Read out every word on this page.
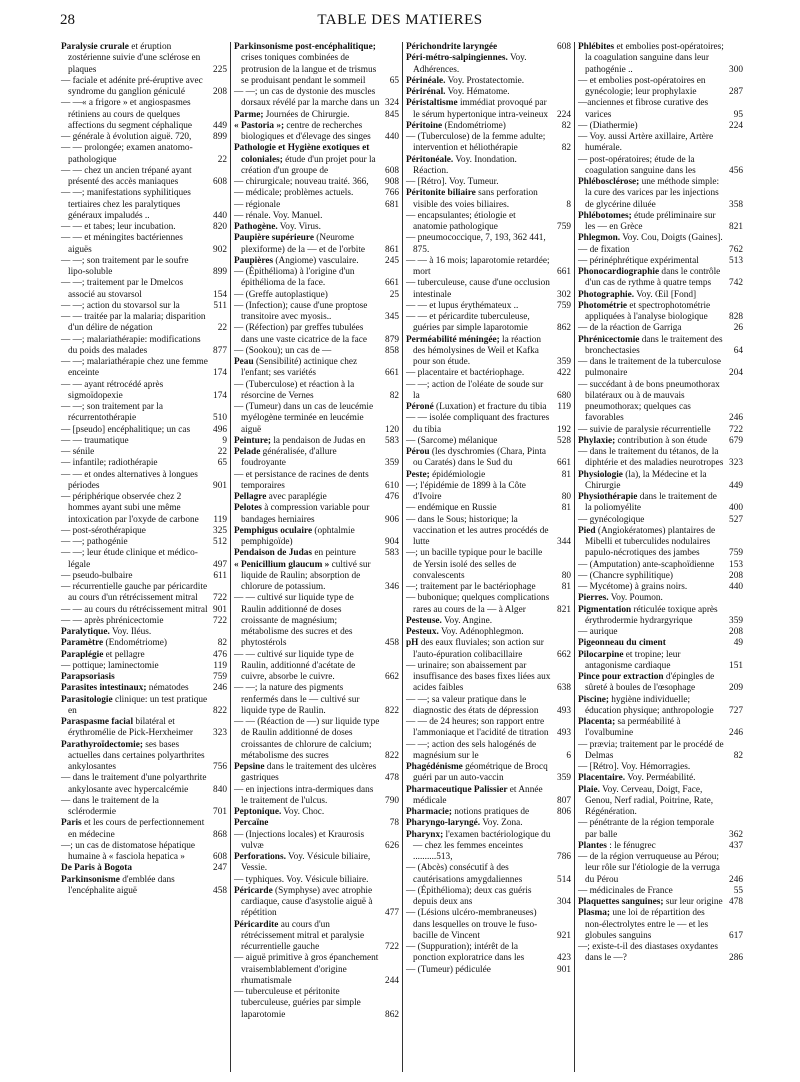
28	TABLE DES MATIERES
Paralysie crurale et éruption zostérienne suivie d'une sclérose en plaques	225
— faciale et adénite pré-éruptive avec syndrome du ganglion géniculé	208
— —« a frigore » et angiospasmes rétiniens au cours de quelques affections du segment céphalique 449
— générale à évolution aiguë. 720, 899
— — prolongée; examen anatomo-pathologique	22
— — chez un ancien trépané ayant présenté des accès maniaques	608
— —; manifestations syphilitiques tertiaires chez les paralytiques généraux impaludés ..	440
— — et tabes; leur incubation.	820
— — et méningites bactériennes aiguës	902
— —; son traitement par le soufre lipo-soluble	899
— —; traitement par le Dmelcos associé au stovarsol	154
— —; action du stovarsol sur la	511
— — traitée par la malaria; disparition d'un délire de négation	22
— —; malariathérapie: modifications du poids des malades	877
— —; malariathérapie chez une femme enceinte	174
— — ayant rétrocédé après sigmoïdopexie	174
— —; son traitement par la récurrentothérapie	510
— [pseudo] encéphalitique; un cas 496
— — traumatique	9
— sénile	22
— infantile; radiothérapie	65
— — et ondes alternatives à longues périodes	901
— périphérique observée chez 2 hommes ayant subi une même intoxication par l'oxyde de carbone 119
— post-sérothérapique	325
— —; pathogénie	512
— —; leur étude clinique et médico-légale	497
— pseudo-bulbaire	611
— récurrentielle gauche par péricardite au cours d'un rétrécissement mitral 722
— — au cours du rétrécissement mitral 901
— — après phrénicectomie	722
Paralytique. Voy. Iléus.
Paramètre (Endométriome)	82
Paraplégie et pellagre	476
— pottique; laminectomie	119
Parapsoriasis	759
Parasites intestinaux; nématodes	246
Parasitologie clinique: un test pratique en	822
Paraspasme facial bilatéral et érythromélie de Pick-Herxheimer 323
Parathyroïdectomie; ses bases actuelles dans certaines polyarthrites ankylosantes	756
— dans le traitement d'une polyarthrite ankylosante avec hypercalcémie	840
— dans le traitement de la sclérodermie	701
Paris et les cours de perfectionnement en médecine	868
—; un cas de distomatose hépatique humaine à « fasciola hepatica »	608
De Paris à Bogota	247
Parkinsonisme d'emblée dans l'encéphalite aiguë	458
Parkinsonisme post-encéphalitique; crises toniques combinées de protrusion de la langue et de trismus se produisant pendant le sommeil	65
— —; un cas de dystonie des muscles dorsaux révélé par la marche dans un 324
Parme; Journées de Chirurgie.	845
« Pastoria »; centre de recherches biologiques et d'élevage des singes 440
Pathologie et Hygiène exotiques et coloniales; étude d'un projet pour la création d'un groupe de	608
— chirurgicale; nouveau traité. 366, 908
— médicale; problèmes actuels.	766
— régionale	681
— rénale. Voy. Manuel.
Pathogène. Voy. Virus.
Paupière supérieure (Neurome plexiforme) de la — et de l'orbite 861
Paupières (Angiome) vasculaire.	245
— (Épithélioma) à l'origine d'un épithélioma de la face.	661
— (Greffe autoplastique)	25
— (Infection); cause d'une proptose transitoire avec myosis..	345
— (Réfection) par greffes tubulées dans une vaste cicatrice de la face 879
— (Sookou); un cas de —	858
Peau (Sensibilité) actinique chez l'enfant; ses variétés	661
— (Tuberculose) et réaction à la résorcine de Vernes	82
— (Tumeur) dans un cas de leucémie myélogène terminée en leucémie aiguë	120
Peinture; la pendaison de Judas en 583
Pelade généralisée, d'allure foudroyante	359
— et persistance de racines de dents temporaires	610
Pellagre avec paraplégie	476
Pelotes à compression variable pour bandages herniaires	906
Pemphigus oculaire (ophtalmie pemphigoïde)	904
Pendaison de Judas en peinture	583
« Penicillium glaucum » cultivé sur liquide de Raulin; absorption de chlorure de potassium.	346
— — cultivé sur liquide type de Raulin additionné de doses croissante de magnésium; métabolisme des sucres et des phytostérols	458
— — cultivé sur liquide type de Raulin, additionné d'acétate de cuivre, absorbe le cuivre.	662
— —; la nature des pigments renfermés dans le — cultivé sur liquide type de Raulin.	822
— — (Réaction de —) sur liquide type de Raulin additionné de doses croissantes de chlorure de calcium; métabolisme des sucres	822
Pepsine dans le traitement des ulcères gastriques	478
— en injections intra-dermiques dans le traitement de l'ulcus.	790
Peptonique. Voy. Choc.
Percaïne	78
— (Injections locales) et Kraurosis vulvæ	626
Perforations. Voy. Vésicule biliaire, Vessie.
— typhiques. Voy. Vésicule biliaire.
Péricarde (Symphyse) avec atrophie cardiaque, cause d'asystolie aiguë à répétition	477
Péricardite au cours d'un rétrécissement mitral et paralysie récurrentielle gauche	722
— aiguë primitive à gros épanchement vraisemblablement d'origine rhumatismale	244
— tuberculeuse et péritonite tuberculeuse, guéries par simple laparotomie	862
Périchondrite laryngée	608
Péri-métro-salpingiennes. Voy. Adhérences.
Périnéale. Voy. Prostatectomie.
Périrénal. Voy. Hématome.
Péristaltisme immédiat provoqué par le sérum hypertonique intra-veineux 224
Péritoine (Endométriome)	82
— (Tuberculose) de la femme adulte; intervention et héliothérapie	82
Péritonéale. Voy. Inondation. Réaction.
— [Rétro]. Voy. Tumeur.
Péritonite biliaire sans perforation visible des voies biliaires.	8
— encapsulantes; étiologie et anatomie pathologique	759
— pneumococcique, 7, 193, 362 441, 875.
— — à 16 mois; laparotomie retardée; mort	661
— tuberculeuse, cause d'une occlusion intestinale	302
— — et lupus érythémateux ..	759
— — et péricardite tuberculeuse, guéries par simple laparotomie	862
Perméabilité méningée; la réaction des hémolysines de Weil et Kafka pour son étude.	359
— placentaire et bactériophage.	422
— —; action de l'oléate de soude sur la	680
Péroné (Luxation) et fracture du tibia 119
— — isolée compliquant des fractures du tibia	192
— (Sarcome) mélanique	528
Pérou (les dyschromies (Chara, Pinta ou Caratés) dans le Sud du	661
Peste; épidémiologie	81
—; l'épidémie de 1899 à la Côte d'Ivoire	80
— endémique en Russie	81
— dans le Sous; historique; la vaccination et les autres procédés de lutte	344
—; un bacille typique pour le bacille de Yersin isolé des selles de convalescents	80
—; traitement par le bactériophage	81
— bubonique; quelques complications rares au cours de la — à Alger	821
Pesteuse. Voy. Angine.
Pesteux. Voy. Adénophlegmon.
pH des eaux fluviales; son action sur l'auto-épuration colibacillaire	662
— urinaire; son abaissement par insuffisance des bases fixes liées aux acides faibles	638
— —; sa valeur pratique dans le diagnostic des états de dépression 493
— — de 24 heures; son rapport entre l'ammoniaque et l'acidité de titration 493
— —; action des sels halogénés de magnésium sur le	6
Phagédénisme géométrique de Brocq guéri par un auto-vaccin	359
Pharmaceutique Palissier et Année médicale	807
Pharmacie; notions pratiques de	806
Pharyngo-laryngé. Voy. Zona.
Pharynx; l'examen bactériologique du — chez les femmes enceintes ..........513,	786
— (Abcès) consécutif à des cautérisations amygdaliennes	514
— (Épithélioma); deux cas guéris depuis deux ans	304
— (Lésions ulcéro-membraneuses) dans lesquelles on trouve le fuso-bacille de Vincent	921
— (Suppuration); intérêt de la ponction exploratrice dans les	423
— (Tumeur) pédiculée	901
Phlébites et embolies post-opératoires; la coagulation sanguine dans leur pathogénie ..	300
— et embolies post-opératoires en gynécologie; leur prophylaxie	287
—anciennes et fibrose curative des varices	95
— (Diathermie)	224
— Voy. aussi Artère axillaire, Artère humérale.
— post-opératoires; étude de la coagulation sanguine dans les	456
Phlébosclérose; une méthode simple: la cure des varices par les injections de glycérine diluée	358
Phlébotomes; étude préliminaire sur les — en Grèce	821
Phlegmon. Voy. Cou, Doigts (Gaines].
— de fixation	762
— périnéphrétique expérimental	513
Phonocardiographie dans le contrôle d'un cas de rythme à quatre temps 742
Photographie. Voy. Œil [Fond]
Photométrie et spectrophotométrie appliquées à l'analyse biologique 828
— de la réaction de Garriga	26
Phrénicectomie dans le traitement des bronchectasies	64
— dans le traitement de la tuberculose pulmonaire	204
— succédant à de bons pneumothorax bilatéraux ou à de mauvais pneumothorax; quelques cas favorables	246
— suivie de paralysie récurrentielle 722
Phylaxie; contribution à son étude 679
— dans le traitement du tétanos, de la diphtérie et des maladies neurotropes 323
Physiologie (la), la Médecine et la Chirurgie	449
Physiothérapie dans le traitement de la poliomyélite	400
— gynécologique	527
Pied (Angiokératomes) plantaires de Mibelli et tuberculides nodulaires papulo-nécrotiques des jambes	759
— (Amputation) ante-scaphoïdienne 153
— (Chancre syphilitique)	208
— Mycétome) à grains noirs.	440
Pierres. Voy. Poumon.
Pigmentation réticulée toxique après érythrodermie hydrargyrique	359
— aurique	208
Pigeonneau du ciment	49
Pilocarpine et tropine; leur antagonisme cardiaque	151
Pince pour extraction d'épingles de sûreté à boules de l'œsophage	209
Piscine; hygiène individuelle; éducation physique; anthropologie 727
Placenta; sa perméabilité à l'ovalbumine	246
— prævia; traitement par le procédé de Delmas	82
— [Rétro]. Voy. Hémorragies.
Placentaire. Voy. Perméabilité.
Plaie. Voy. Cerveau, Doigt, Face, Genou, Nerf radial, Poitrine, Rate, Régénération.
— pénétrante de la région temporale par balle	362
Plantes : le fénugrec	437
— de la région verruqueuse au Pérou; leur rôle sur l'étiologie de la verruga du Pérou	246
— médicinales de France	55
Plaquettes sanguines; sur leur origine 478
Plasma; une loi de répartition des non-électrolytes entre le — et les globules sanguins	617
—; existe-t-il des diastases oxydantes dans le —?	286
